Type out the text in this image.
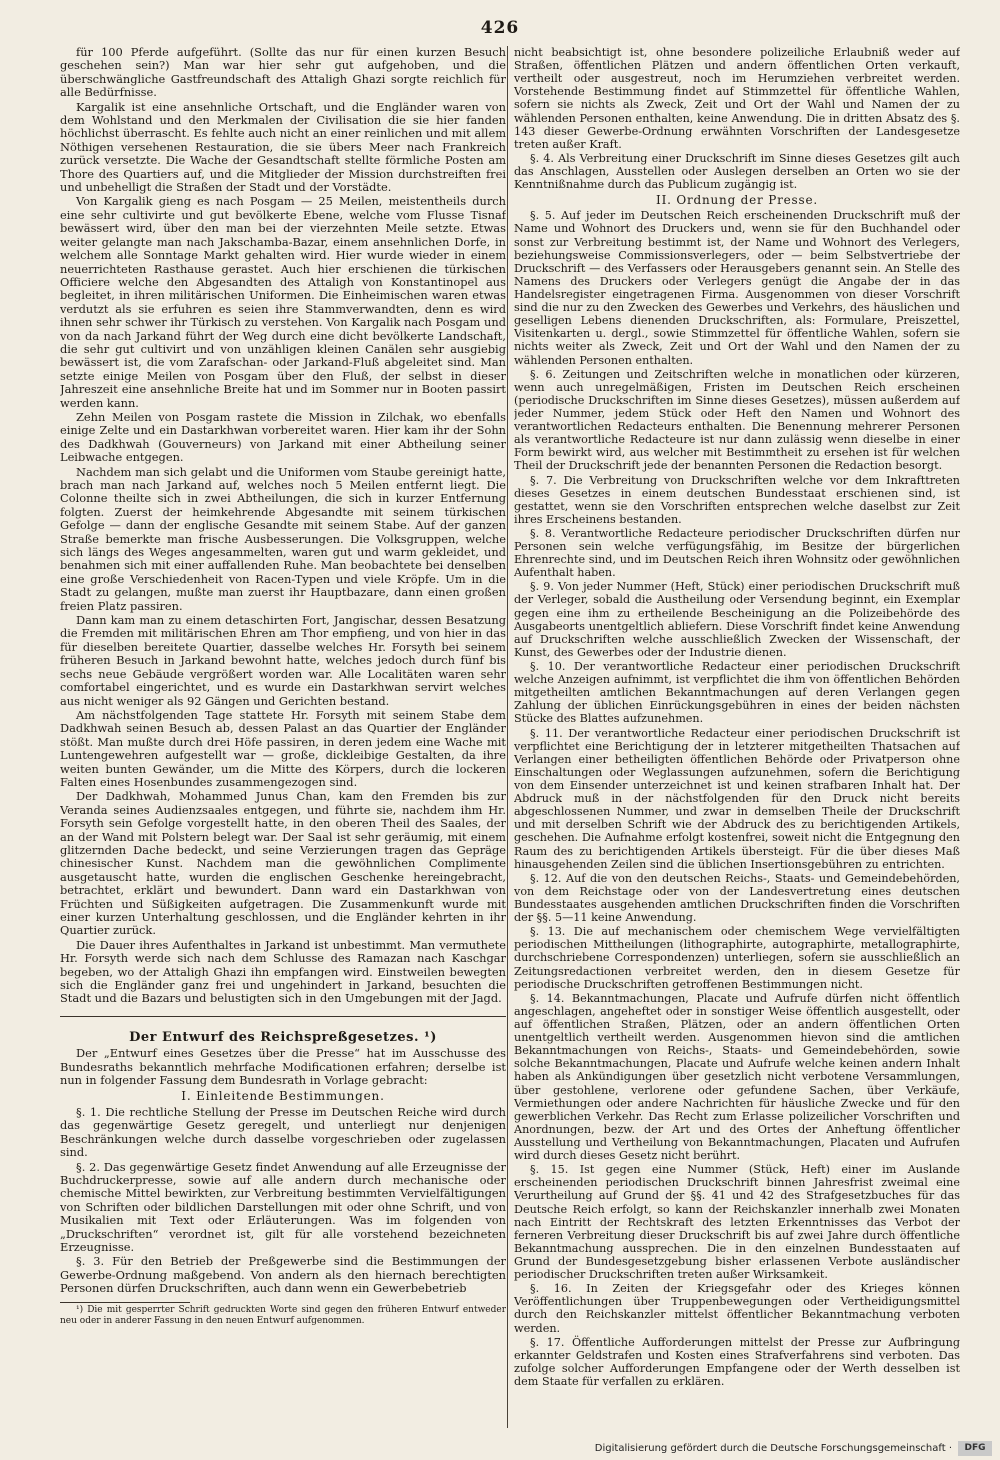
426

für 100 Pferde aufgeführt. (Sollte das nur für einen kurzen Besuch geschehen sein?) Man war hier sehr gut aufgehoben, und die überschwängliche Gastfreundschaft des Attaligh Ghazi sorgte reichlich für alle Bedürfnisse.

Kargalik ist eine ansehnliche Ortschaft, und die Engländer waren von dem Wohlstand und den Merkmalen der Civilisation die sie hier fanden höchlichst überrascht. Es fehlte auch nicht an einer reinlichen und mit allem Nöthigen versehenen Restauration, die sie übers Meer nach Frankreich zurück versetzte. Die Wache der Gesandtschaft stellte förmliche Posten am Thore des Quartiers auf, und die Mitglieder der Mission durchstreiften frei und unbehelligt die Straßen der Stadt und der Vorstädte.

Von Kargalik gieng es nach Posgam — 25 Meilen, meistentheils durch eine sehr cultivirte und gut bevölkerte Ebene, welche vom Flusse Tisnaf bewässert wird, über den man bei der vierzehnten Meile setzte. Etwas weiter gelangte man nach Jakschamba-Bazar, einem ansehnlichen Dorfe, in welchem alle Sonntage Markt gehalten wird. Hier wurde wieder in einem neuerrichteten Rasthause gerastet. Auch hier erschienen die türkischen Officiere welche den Abgesandten des Attaligh von Konstantinopel aus begleitet, in ihren militärischen Uniformen. Die Einheimischen waren etwas verdutzt als sie erfuhren es seien ihre Stammverwandten, denn es wird ihnen sehr schwer ihr Türkisch zu verstehen. Von Kargalik nach Posgam und von da nach Jarkand führt der Weg durch eine dicht bevölkerte Landschaft, die sehr gut cultivirt und von unzähligen kleinen Canälen sehr ausgiebig bewässert ist, die vom Zarafschan- oder Jarkand-Fluß abgeleitet sind. Man setzte einige Meilen von Posgam über den Fluß, der selbst in dieser Jahreszeit eine ansehnliche Breite hat und im Sommer nur in Booten passirt werden kann.

Zehn Meilen von Posgam rastete die Mission in Zilchak, wo ebenfalls einige Zelte und ein Dastarkhwan vorbereitet waren. Hier kam ihr der Sohn des Dadkhwah (Gouverneurs) von Jarkand mit einer Abtheilung seiner Leibwache entgegen.

Nachdem man sich gelabt und die Uniformen vom Staube gereinigt hatte, brach man nach Jarkand auf, welches noch 5 Meilen entfernt liegt. Die Colonne theilte sich in zwei Abtheilungen, die sich in kurzer Entfernung folgten. Zuerst der heimkehrende Abgesandte mit seinem türkischen Gefolge — dann der englische Gesandte mit seinem Stabe. Auf der ganzen Straße bemerkte man frische Ausbesserungen. Die Volksgruppen, welche sich längs des Weges angesammelten, waren gut und warm gekleidet, und benahmen sich mit einer auffallenden Ruhe. Man beobachtete bei denselben eine große Verschiedenheit von Racen-Typen und viele Kröpfe. Um in die Stadt zu gelangen, mußte man zuerst ihr Hauptbazare, dann einen großen freien Platz passiren.

Dann kam man zu einem detaschirten Fort, Jangischar, dessen Besatzung die Fremden mit militärischen Ehren am Thor empfieng, und von hier in das für dieselben bereitete Quartier, dasselbe welches Hr. Forsyth bei seinem früheren Besuch in Jarkand bewohnt hatte, welches jedoch durch fünf bis sechs neue Gebäude vergrößert worden war. Alle Localitäten waren sehr comfortabel eingerichtet, und es wurde ein Dastarkhwan servirt welches aus nicht weniger als 92 Gängen und Gerichten bestand.

Am nächstfolgenden Tage stattete Hr. Forsyth mit seinem Stabe dem Dadkhwah seinen Besuch ab, dessen Palast an das Quartier der Engländer stößt. Man mußte durch drei Höfe passiren, in deren jedem eine Wache mit Luntengewehren aufgestellt war — große, dickleibige Gestalten, da ihre weiten bunten Gewänder, um die Mitte des Körpers, durch die lockeren Falten eines Hosenbundes zusammengezogen sind.

Der Dadkhwah, Mohammed Junus Chan, kam den Fremden bis zur Veranda seines Audienzsaales entgegen, und führte sie, nachdem ihm Hr. Forsyth sein Gefolge vorgestellt hatte, in den oberen Theil des Saales, der an der Wand mit Polstern belegt war. Der Saal ist sehr geräumig, mit einem glitzernden Dache bedeckt, und seine Verzierungen tragen das Gepräge chinesischer Kunst. Nachdem man die gewöhnlichen Complimente ausgetauscht hatte, wurden die englischen Geschenke hereingebracht, betrachtet, erklärt und bewundert. Dann ward ein Dastarkhwan von Früchten und Süßigkeiten aufgetragen. Die Zusammenkunft wurde mit einer kurzen Unterhaltung geschlossen, und die Engländer kehrten in ihr Quartier zurück.

Die Dauer ihres Aufenthaltes in Jarkand ist unbestimmt. Man vermuthete Hr. Forsyth werde sich nach dem Schlusse des Ramazan nach Kaschgar begeben, wo der Attaligh Ghazi ihn empfangen wird. Einstweilen bewegten sich die Engländer ganz frei und ungehindert in Jarkand, besuchten die Stadt und die Bazars und belustigten sich in den Umgebungen mit der Jagd.

Der Entwurf des Reichspreßgesetzes. ¹)

Der „Entwurf eines Gesetzes über die Presse“ hat im Ausschusse des Bundesraths bekanntlich mehrfache Modificationen erfahren; derselbe ist nun in folgender Fassung dem Bundesrath in Vorlage gebracht:

I. Einleitende Bestimmungen.

§. 1. Die rechtliche Stellung der Presse im Deutschen Reiche wird durch das gegenwärtige Gesetz geregelt, und unterliegt nur denjenigen Beschränkungen welche durch dasselbe vorgeschrieben oder zugelassen sind.

§. 2. Das gegenwärtige Gesetz findet Anwendung auf alle Erzeugnisse der Buchdruckerpresse, sowie auf alle andern durch mechanische oder chemische Mittel bewirkten, zur Verbreitung bestimmten Vervielfältigungen von Schriften oder bildlichen Darstellungen mit oder ohne Schrift, und von Musikalien mit Text oder Erläuterungen. Was im folgenden von „Druckschriften“ verordnet ist, gilt für alle vorstehend bezeichneten Erzeugnisse.

§. 3. Für den Betrieb der Preßgewerbe sind die Bestimmungen der Gewerbe-Ordnung maßgebend. Von andern als den hiernach berechtigten Personen dürfen Druckschriften, auch dann wenn ein Gewerbebetrieb

¹) Die mit gesperrter Schrift gedruckten Worte sind gegen den früheren Entwurf entweder neu oder in anderer Fassung in den neuen Entwurf aufgenommen.

nicht beabsichtigt ist, ohne besondere polizeiliche Erlaubniß weder auf Straßen, öffentlichen Plätzen und andern öffentlichen Orten verkauft, vertheilt oder ausgestreut, noch im Herumziehen verbreitet werden. Vorstehende Bestimmung findet auf Stimmzettel für öffentliche Wahlen, sofern sie nichts als Zweck, Zeit und Ort der Wahl und Namen der zu wählenden Personen enthalten, keine Anwendung. Die in dritten Absatz des §. 143 dieser Gewerbe-Ordnung erwähnten Vorschriften der Landesgesetze treten außer Kraft.

§. 4. Als Verbreitung einer Druckschrift im Sinne dieses Gesetzes gilt auch das Anschlagen, Ausstellen oder Auslegen derselben an Orten wo sie der Kenntnißnahme durch das Publicum zugängig ist.

II. Ordnung der Presse.

§. 5. Auf jeder im Deutschen Reich erscheinenden Druckschrift muß der Name und Wohnort des Druckers und, wenn sie für den Buchhandel oder sonst zur Verbreitung bestimmt ist, der Name und Wohnort des Verlegers, beziehungsweise Commissionsverlegers, oder — beim Selbstvertriebe der Druckschrift — des Verfassers oder Herausgebers genannt sein. An Stelle des Namens des Druckers oder Verlegers genügt die Angabe der in das Handelsregister eingetragenen Firma. Ausgenommen von dieser Vorschrift sind die nur zu den Zwecken des Gewerbes und Verkehrs, des häuslichen und geselligen Lebens dienenden Druckschriften, als: Formulare, Preiszettel, Visitenkarten u. dergl., sowie Stimmzettel für öffentliche Wahlen, sofern sie nichts weiter als Zweck, Zeit und Ort der Wahl und den Namen der zu wählenden Personen enthalten.

§. 6. Zeitungen und Zeitschriften welche in monatlichen oder kürzeren, wenn auch unregelmäßigen, Fristen im Deutschen Reich erscheinen (periodische Druckschriften im Sinne dieses Gesetzes), müssen außerdem auf jeder Nummer, jedem Stück oder Heft den Namen und Wohnort des verantwortlichen Redacteurs enthalten. Die Benennung mehrerer Personen als verantwortliche Redacteure ist nur dann zulässig wenn dieselbe in einer Form bewirkt wird, aus welcher mit Bestimmtheit zu ersehen ist für welchen Theil der Druckschrift jede der benannten Personen die Redaction besorgt.

§. 7. Die Verbreitung von Druckschriften welche vor dem Inkrafttreten dieses Gesetzes in einem deutschen Bundesstaat erschienen sind, ist gestattet, wenn sie den Vorschriften entsprechen welche daselbst zur Zeit ihres Erscheinens bestanden.

§. 8. Verantwortliche Redacteure periodischer Druckschriften dürfen nur Personen sein welche verfügungsfähig, im Besitze der bürgerlichen Ehrenrechte sind, und im Deutschen Reich ihren Wohnsitz oder gewöhnlichen Aufenthalt haben.

§. 9. Von jeder Nummer (Heft, Stück) einer periodischen Druckschrift muß der Verleger, sobald die Austheilung oder Versendung beginnt, ein Exemplar gegen eine ihm zu ertheilende Bescheinigung an die Polizeibehörde des Ausgabeorts unentgeltlich abliefern. Diese Vorschrift findet keine Anwendung auf Druckschriften welche ausschließlich Zwecken der Wissenschaft, der Kunst, des Gewerbes oder der Industrie dienen.

§. 10. Der verantwortliche Redacteur einer periodischen Druckschrift welche Anzeigen aufnimmt, ist verpflichtet die ihm von öffentlichen Behörden mitgetheilten amtlichen Bekanntmachungen auf deren Verlangen gegen Zahlung der üblichen Einrückungsgebühren in eines der beiden nächsten Stücke des Blattes aufzunehmen.

§. 11. Der verantwortliche Redacteur einer periodischen Druckschrift ist verpflichtet eine Berichtigung der in letzterer mitgetheilten Thatsachen auf Verlangen einer betheiligten öffentlichen Behörde oder Privatperson ohne Einschaltungen oder Weglassungen aufzunehmen, sofern die Berichtigung von dem Einsender unterzeichnet ist und keinen strafbaren Inhalt hat. Der Abdruck muß in der nächstfolgenden für den Druck nicht bereits abgeschlossenen Nummer, und zwar in demselben Theile der Druckschrift und mit derselben Schrift wie der Abdruck des zu berichtigenden Artikels, geschehen. Die Aufnahme erfolgt kostenfrei, soweit nicht die Entgegnung den Raum des zu berichtigenden Artikels übersteigt. Für die über dieses Maß hinausgehenden Zeilen sind die üblichen Insertionsgebühren zu entrichten.

§. 12. Auf die von den deutschen Reichs-, Staats- und Gemeindebehörden, von dem Reichstage oder von der Landesvertretung eines deutschen Bundesstaates ausgehenden amtlichen Druckschriften finden die Vorschriften der §§. 5—11 keine Anwendung.

§. 13. Die auf mechanischem oder chemischem Wege vervielfältigten periodischen Mittheilungen (lithographirte, autographirte, metallographirte, durchschriebene Correspondenzen) unterliegen, sofern sie ausschließlich an Zeitungsredactionen verbreitet werden, den in diesem Gesetze für periodische Druckschriften getroffenen Bestimmungen nicht.

§. 14. Bekanntmachungen, Placate und Aufrufe dürfen nicht öffentlich angeschlagen, angeheftet oder in sonstiger Weise öffentlich ausgestellt, oder auf öffentlichen Straßen, Plätzen, oder an andern öffentlichen Orten unentgeltlich vertheilt werden. Ausgenommen hievon sind die amtlichen Bekanntmachungen von Reichs-, Staats- und Gemeindebehörden, sowie solche Bekanntmachungen, Placate und Aufrufe welche keinen andern Inhalt haben als Ankündigungen über gesetzlich nicht verbotene Versammlungen, über gestohlene, verlorene oder gefundene Sachen, über Verkäufe, Vermiethungen oder andere Nachrichten für häusliche Zwecke und für den gewerblichen Verkehr. Das Recht zum Erlasse polizeilicher Vorschriften und Anordnungen, bezw. der Art und des Ortes der Anheftung öffentlicher Ausstellung und Vertheilung von Bekanntmachungen, Placaten und Aufrufen wird durch dieses Gesetz nicht berührt.

§. 15. Ist gegen eine Nummer (Stück, Heft) einer im Auslande erscheinenden periodischen Druckschrift binnen Jahresfrist zweimal eine Verurtheilung auf Grund der §§. 41 und 42 des Strafgesetzbuches für das Deutsche Reich erfolgt, so kann der Reichskanzler innerhalb zwei Monaten nach Eintritt der Rechtskraft des letzten Erkenntnisses das Verbot der ferneren Verbreitung dieser Druckschrift bis auf zwei Jahre durch öffentliche Bekanntmachung aussprechen. Die in den einzelnen Bundesstaaten auf Grund der Bundesgesetzgebung bisher erlassenen Verbote ausländischer periodischer Druckschriften treten außer Wirksamkeit.

§. 16. In Zeiten der Kriegsgefahr oder des Krieges können Veröffentlichungen über Truppenbewegungen oder Vertheidigungsmittel durch den Reichskanzler mittelst öffentlicher Bekanntmachung verboten werden.

§. 17. Öffentliche Aufforderungen mittelst der Presse zur Aufbringung erkannter Geldstrafen und Kosten eines Strafverfahrens sind verboten. Das zufolge solcher Aufforderungen Empfangene oder der Werth desselben ist dem Staate für verfallen zu erklären.

Digitalisierung gefördert durch die Deutsche Forschungsgemeinschaft ·	DFG
